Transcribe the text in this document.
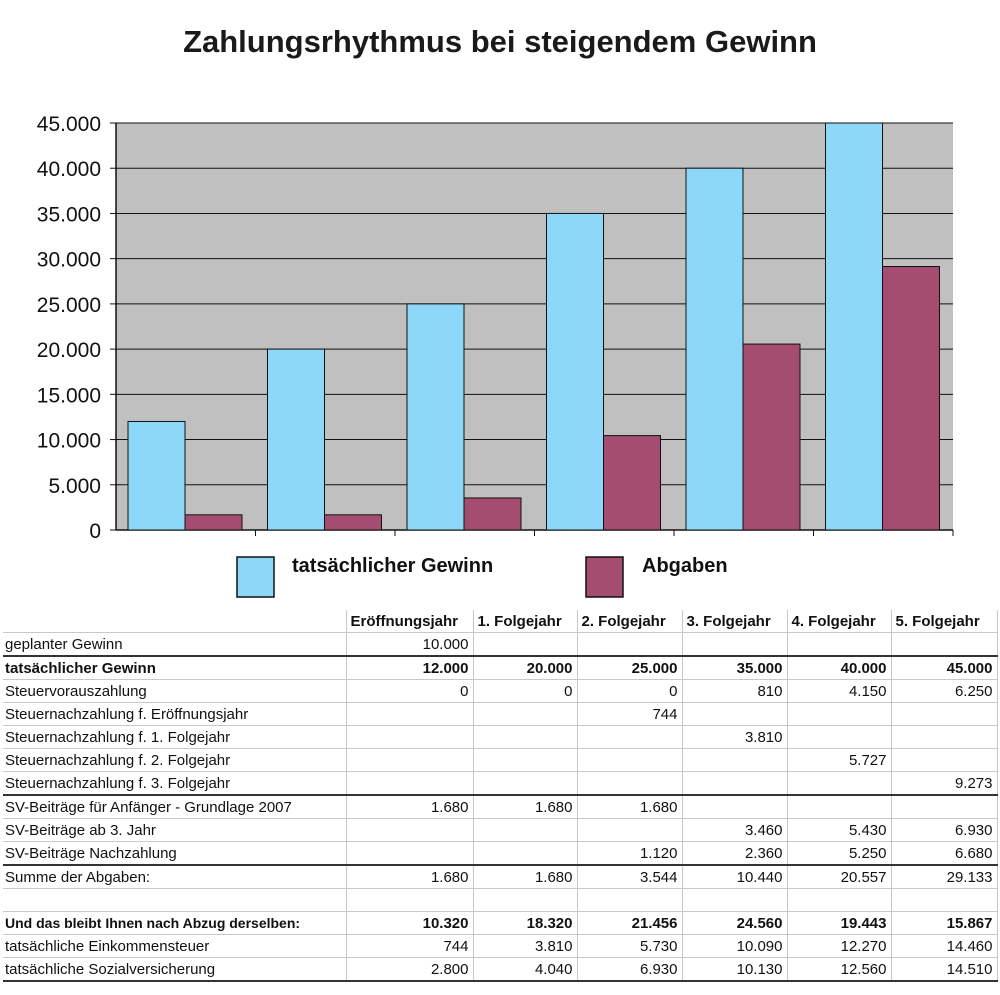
Zahlungsrhythmus bei steigendem Gewinn
0
5.000
10.000
15.000
20.000
25.000
30.000
35.000
40.000
45.000
tatsächlicher Gewinn	Abgaben
	Eröffnungsjahr	1. Folgejahr	2. Folgejahr	3. Folgejahr	4. Folgejahr	5. Folgejahr
geplanter Gewinn	10.000					
tatsächlicher Gewinn	12.000	20.000	25.000	35.000	40.000	45.000
Steuervorauszahlung	0	0	0	810	4.150	6.250
Steuernachzahlung f. Eröffnungsjahr			744			
Steuernachzahlung f. 1. Folgejahr				3.810		
Steuernachzahlung f. 2. Folgejahr					5.727	
Steuernachzahlung f. 3. Folgejahr						9.273
SV-Beiträge für Anfänger - Grundlage 2007	1.680	1.680	1.680			
SV-Beiträge ab 3. Jahr				3.460	5.430	6.930
SV-Beiträge Nachzahlung			1.120	2.360	5.250	6.680
Summe der Abgaben:	1.680	1.680	3.544	10.440	20.557	29.133

Und das bleibt Ihnen nach Abzug derselben:	10.320	18.320	21.456	24.560	19.443	15.867
tatsächliche Einkommensteuer	744	3.810	5.730	10.090	12.270	14.460
tatsächliche Sozialversicherung	2.800	4.040	6.930	10.130	12.560	14.510
